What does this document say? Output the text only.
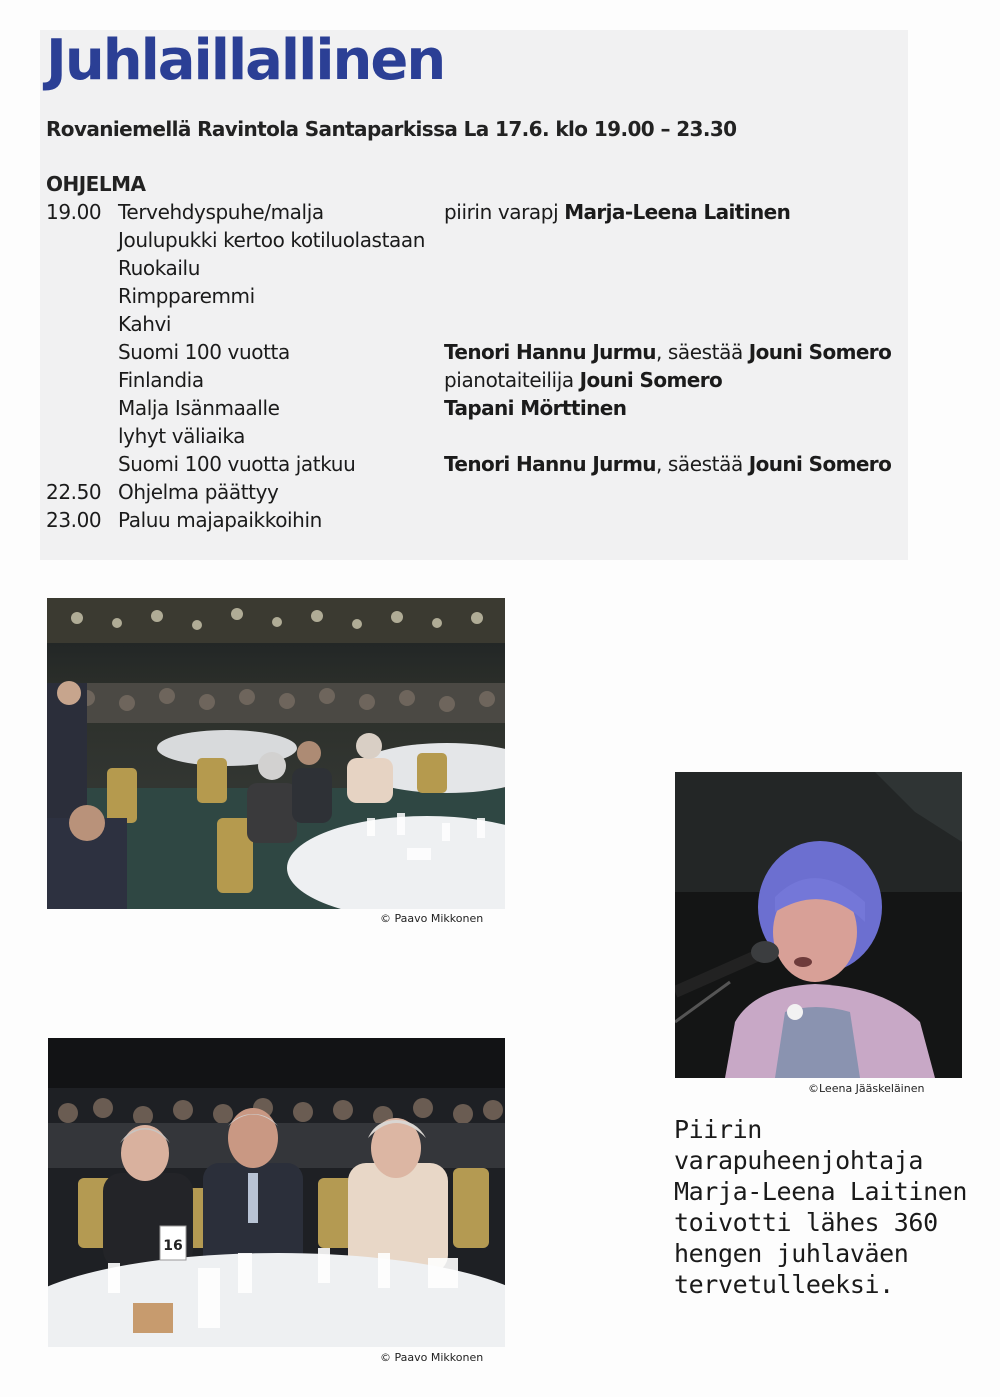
Juhlaillallinen

Rovaniemellä Ravintola Santaparkissa La 17.6. klo 19.00 – 23.30

OHJELMA

19.00 Tervehdyspuhe/malja	piirin varapj Marja-Leena Laitinen
Joulupukki kertoo kotiluolastaan
Ruokailu
Rimpparemmi
Kahvi
Suomi 100 vuotta	Tenori Hannu Jurmu, säestää Jouni Somero
Finlandia	pianotaiteilija Jouni Somero
Malja Isänmaalle	Tapani Mörttinen
lyhyt väliaika
Suomi 100 vuotta jatkuu	Tenori Hannu Jurmu, säestää Jouni Somero
22.50 Ohjelma päättyy
23.00 Paluu majapaikkoihin
© Paavo Mikkonen
©Leena Jääskeläinen
16
© Paavo Mikkonen
Piirin varapuheenjohtaja
Marja-Leena Laitinen
toivotti lähes 360
hengen juhlaväen
tervetulleeksi.
